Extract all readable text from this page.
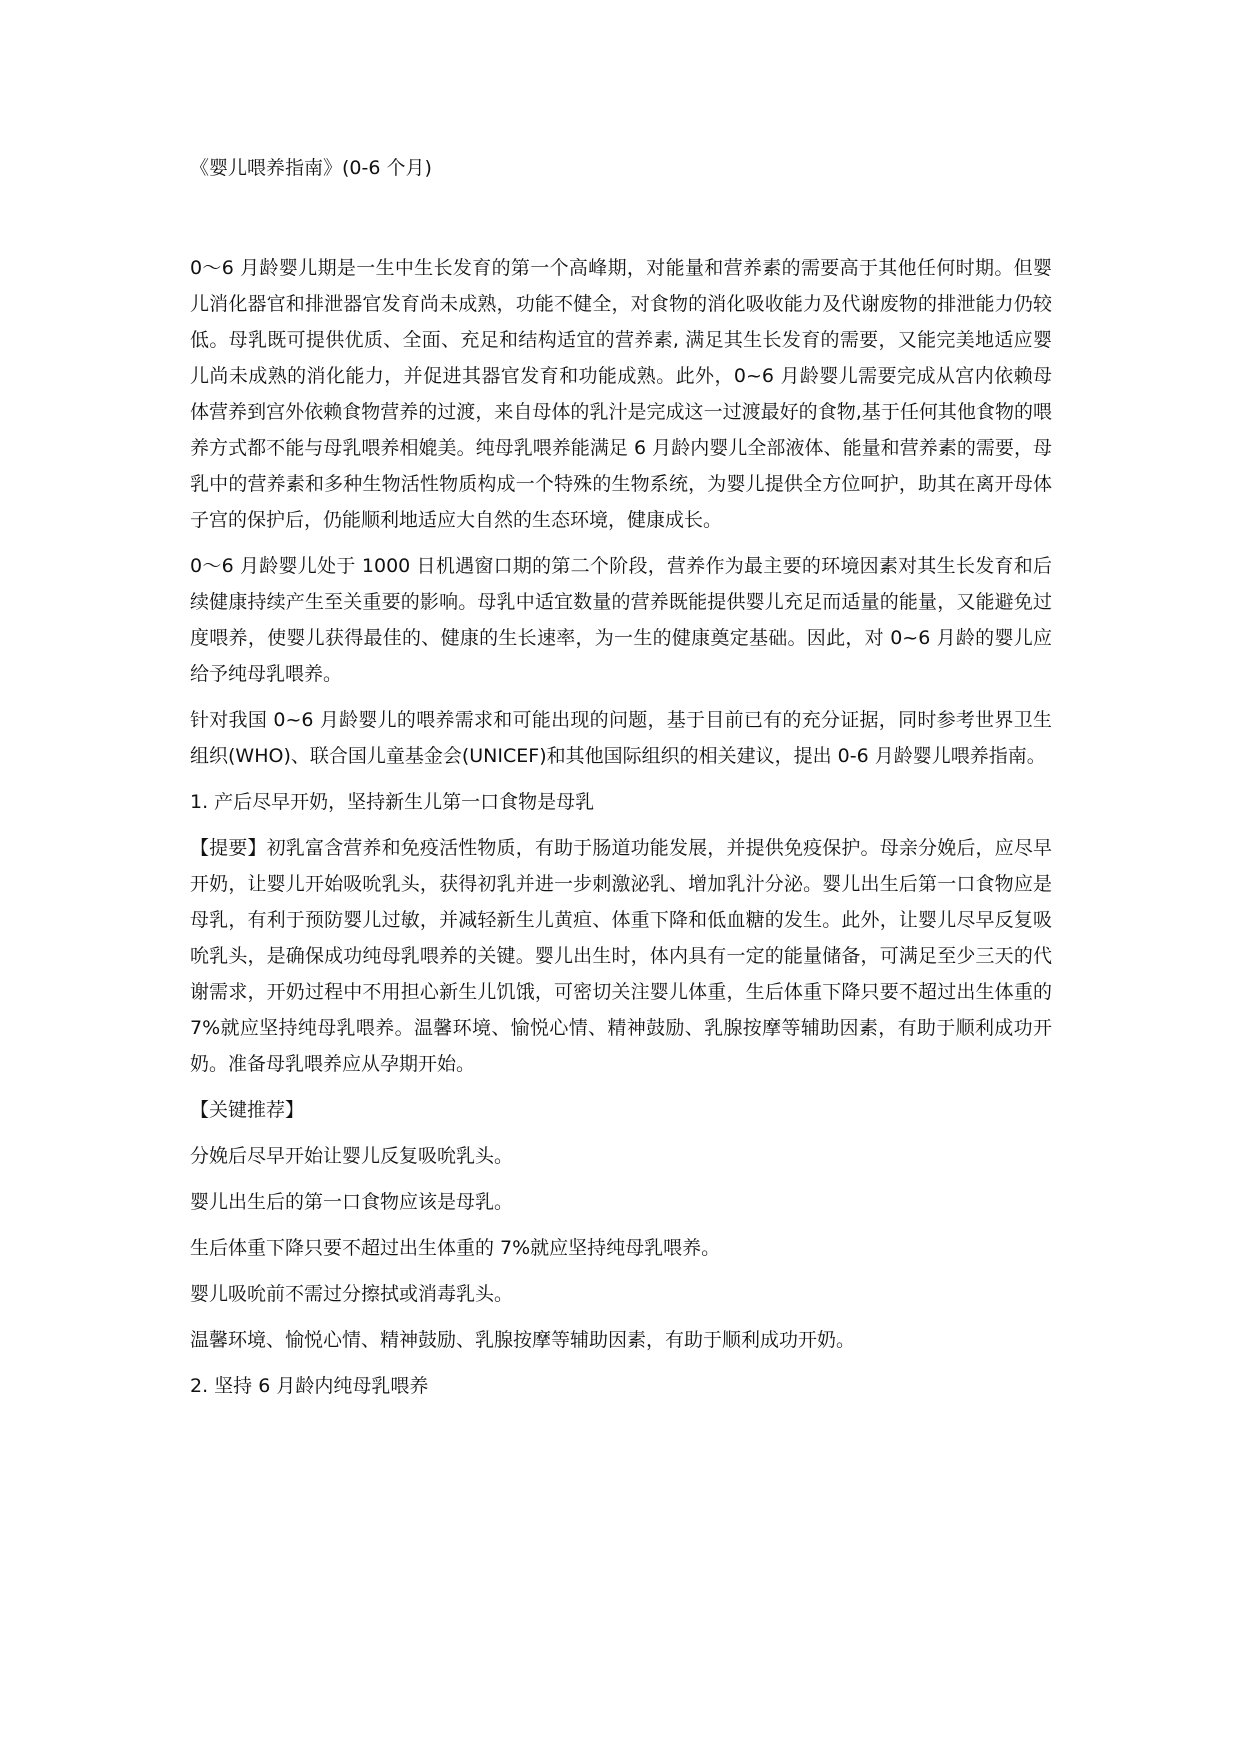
《婴儿喂养指南》(0-6 个月)

0～6 月龄婴儿期是一生中生长发育的第一个高峰期，对能量和营养素的需要高于其他任何时期。但婴儿消化器官和排泄器官发育尚未成熟，功能不健全，对食物的消化吸收能力及代谢废物的排泄能力仍较低。母乳既可提供优质、全面、充足和结构适宜的营养素, 满足其生长发育的需要，又能完美地适应婴儿尚未成熟的消化能力，并促进其器官发育和功能成熟。此外，0~6 月龄婴儿需要完成从宫内依赖母体营养到宫外依赖食物营养的过渡，来自母体的乳汁是完成这一过渡最好的食物,基于任何其他食物的喂养方式都不能与母乳喂养相媲美。纯母乳喂养能满足 6 月龄内婴儿全部液体、能量和营养素的需要，母乳中的营养素和多种生物活性物质构成一个特殊的生物系统，为婴儿提供全方位呵护，助其在离开母体子宫的保护后，仍能顺利地适应大自然的生态环境，健康成长。

0～6 月龄婴儿处于 1000 日机遇窗口期的第二个阶段，营养作为最主要的环境因素对其生长发育和后续健康持续产生至关重要的影响。母乳中适宜数量的营养既能提供婴儿充足而适量的能量，又能避免过度喂养，使婴儿获得最佳的、健康的生长速率，为一生的健康奠定基础。因此，对 0~6 月龄的婴儿应给予纯母乳喂养。

针对我国 0~6 月龄婴儿的喂养需求和可能出现的问题，基于目前已有的充分证据，同时参考世界卫生组织(WHO)、联合国儿童基金会(UNICEF)和其他国际组织的相关建议，提出 0-6 月龄婴儿喂养指南。

1. 产后尽早开奶，坚持新生儿第一口食物是母乳

【提要】初乳富含营养和免疫活性物质，有助于肠道功能发展，并提供免疫保护。母亲分娩后，应尽早开奶，让婴儿开始吸吮乳头，获得初乳并进一步刺激泌乳、增加乳汁分泌。婴儿出生后第一口食物应是母乳，有利于预防婴儿过敏，并减轻新生儿黄疸、体重下降和低血糖的发生。此外，让婴儿尽早反复吸吮乳头，是确保成功纯母乳喂养的关键。婴儿出生时，体内具有一定的能量储备，可满足至少三天的代谢需求，开奶过程中不用担心新生儿饥饿，可密切关注婴儿体重，生后体重下降只要不超过出生体重的 7%就应坚持纯母乳喂养。温馨环境、愉悦心情、精神鼓励、乳腺按摩等辅助因素，有助于顺利成功开奶。准备母乳喂养应从孕期开始。

【关键推荐】

分娩后尽早开始让婴儿反复吸吮乳头。

婴儿出生后的第一口食物应该是母乳。

生后体重下降只要不超过出生体重的 7%就应坚持纯母乳喂养。

婴儿吸吮前不需过分擦拭或消毒乳头。

温馨环境、愉悦心情、精神鼓励、乳腺按摩等辅助因素，有助于顺利成功开奶。

2. 坚持 6 月龄内纯母乳喂养
